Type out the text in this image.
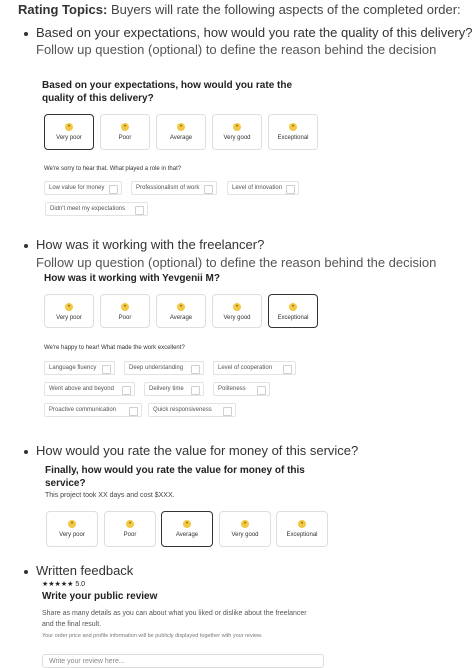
Rating Topics: Buyers will rate the following aspects of the completed order:
Based on your expectations, how would you rate the quality of this delivery?
Follow up question (optional) to define the reason behind the decision
Based on your expectations, how would you rate the
quality of this delivery?
•
Very poor
•
Poor
•
Average
•
Very good
•
Exceptional
We're sorry to hear that. What played a role in that?
Low value for money	Professionalism of work	Level of innovation
Didn't meet my expectations
How was it working with the freelancer?
Follow up question (optional) to define the reason behind the decision
How was it working with Yevgenii M?
•
Very poor
•
Poor
•
Average
•
Very good
•
Exceptional
We're happy to hear! What made the work excellent?
Language fluency	Deep understanding	Level of cooperation
Went above and beyond	Delivery time	Politeness
Proactive communication	Quick responsiveness
How would you rate the value for money of this service?
Finally, how would you rate the value for money of this
service?
This project took XX days and cost $XXX.
•
Very poor
•
Poor
•
Average
•
Very good
•
Exceptional
Written feedback
★★★★★ 5.0
Write your public review
Share as many details as you can about what you liked or dislike about the freelancer
and the final result.
Your order price and profile information will be publicly displayed together with your review.
Write your review here...
